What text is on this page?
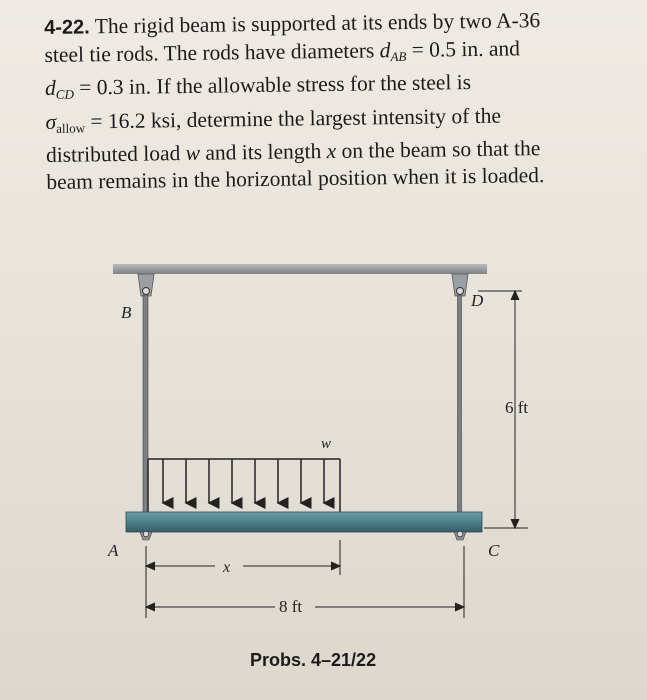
4-22. The rigid beam is supported at its ends by two A-36
steel tie rods. The rods have diameters $d_{AB} = 0.5$ in. and
$d_{CD} = 0.3$ in. If the allowable stress for the steel is
$\sigma_{allow} = 16.2$ ksi, determine the largest intensity of the
distributed load w and its length x on the beam so that the
beam remains in the horizontal position when it is loaded.
B
D
A	C
w
x
6 ft
8 ft
Probs. 4–21/22
